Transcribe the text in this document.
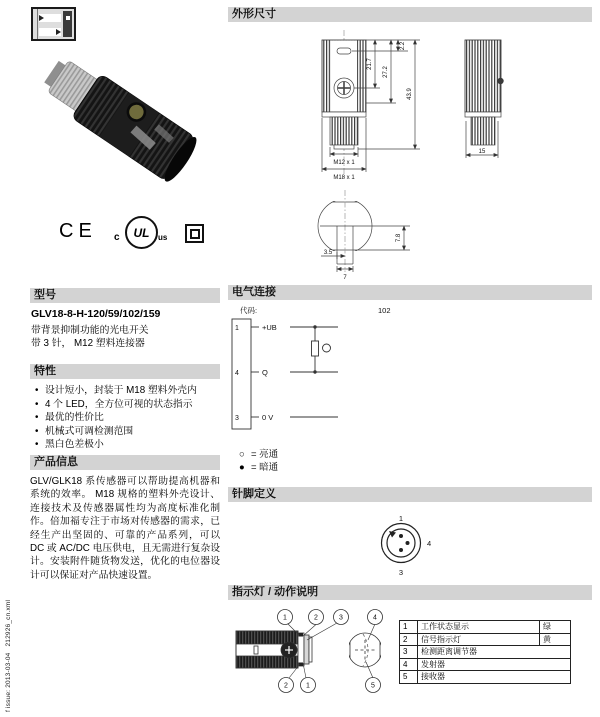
CE c	UL	us
型号
GLV18-8-H-120/59/102/159
带背景抑制功能的光电开关
带 3 针， M12 塑料连接器
特性
• 设计短小，封装于 M18 塑料外壳内
• 4 个 LED，全方位可视的状态指示
• 最优的性价比
• 机械式可调检测范围
• 黑白色差极小
产品信息
GLV/GLK18 系传感器可以帮助提高机器和系统的效率。 M18 规格的塑料外壳设计、连接技术及传感器属性均为高度标准化制作。倍加福专注于市场对传感器的需求，已经生产出坚固的、可靠的产品系列，可以 DC 或 AC/DC 电压供电，且无需进行复杂设计。安装附件随货物发送，优化的电位器设计可以保证对产品快速设置。
外形尺寸
2.2
21.7
27.2
43.9
M12 x 1
M18 x 1
15
7.8
3.5
7
电气连接
代码:	102
1
4
3
+UB
Q
0 V
○ = 亮通
● = 暗通
针脚定义
1
4
3
指示灯 / 动作说明
1	2	3	4
2	1	5
1	工作状态显示	绿
2	信号指示灯	黄
3	检测距离调节器	
4	发射器	
5	接收器	
f issue: 2013-03-04   212926_cn.xml
